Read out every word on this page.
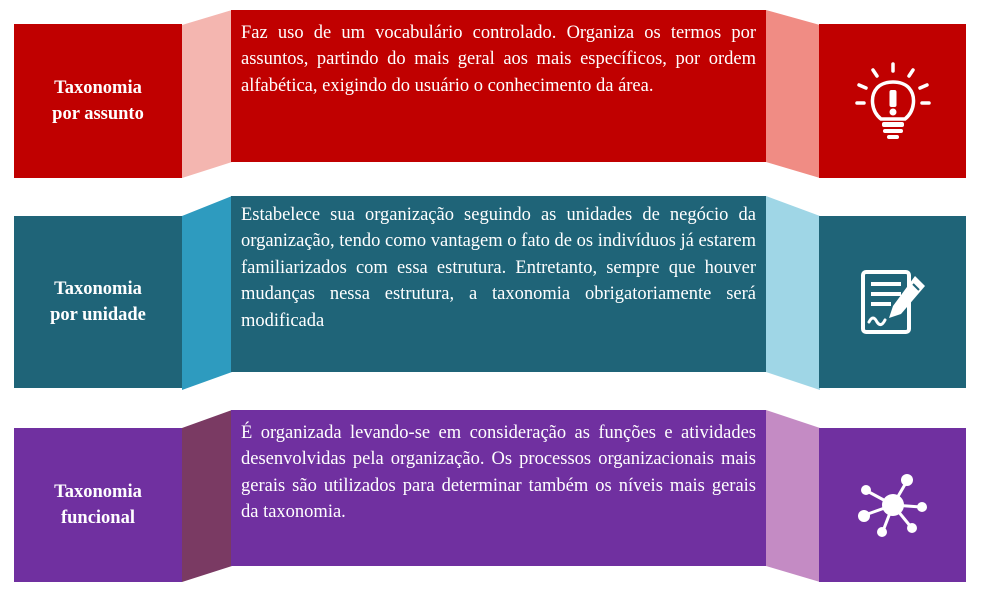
Taxonomia
por assunto
Faz uso de um vocabulário controlado. Organiza os termos por assuntos, partindo do mais geral aos mais específicos, por ordem alfabética, exigindo do usuário o conhecimento da área.
Taxonomia
por unidade
Estabelece sua organização seguindo as unidades de negócio da organização, tendo como vantagem o fato de os indivíduos já estarem familiarizados com essa estrutura. Entretanto, sempre que houver mudanças nessa estrutura, a taxonomia obrigatoriamente será modificada
Taxonomia
funcional
É organizada levando-se em consideração as funções e atividades desenvolvidas pela organização. Os processos organizacionais mais gerais são utilizados para determinar também os níveis mais gerais da taxonomia.
